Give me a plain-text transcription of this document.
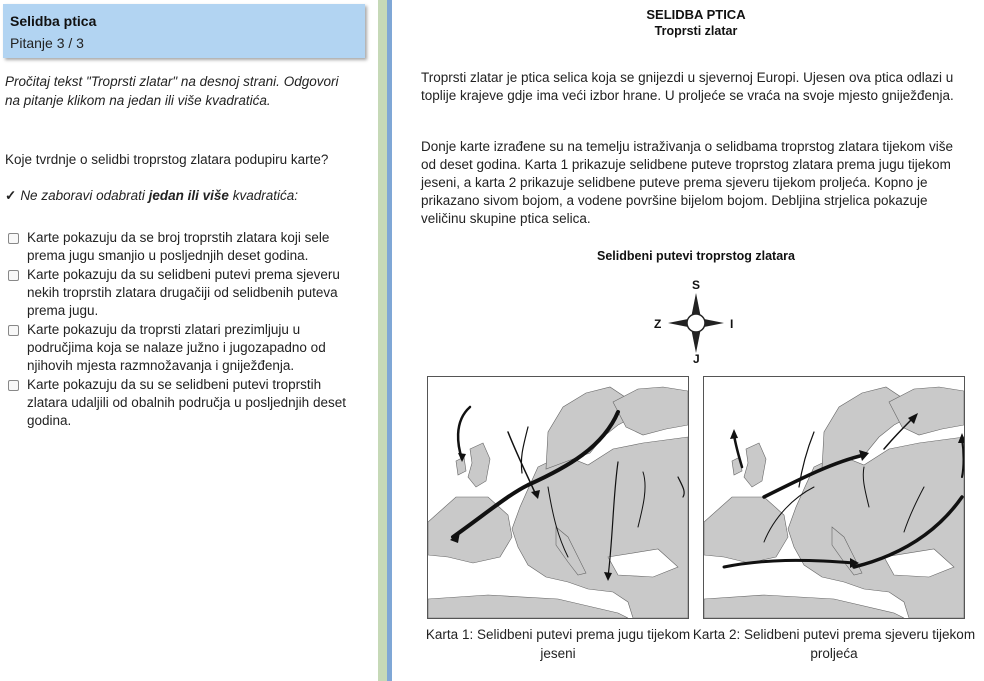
Selidba ptica
Pitanje 3 / 3
Pročitaj tekst "Troprsti zlatar" na desnoj strani. Odgovori na pitanje klikom na jedan ili više kvadratića.
Koje tvrdnje o selidbi troprstog zlatara podupiru karte?
✓ Ne zaboravi odabrati jedan ili više kvadratića:
Karte pokazuju da se broj troprstih zlatara koji sele prema jugu smanjio u posljednjih deset godina.
Karte pokazuju da su selidbeni putevi prema sjeveru nekih troprstih zlatara drugačiji od selidbenih puteva prema jugu.
Karte pokazuju da troprsti zlatari prezimljuju u područjima koja se nalaze južno i jugozapadno od njihovih mjesta razmnožavanja i gniježđenja.
Karte pokazuju da su se selidbeni putevi troprstih zlatara udaljili od obalnih područja u posljednjih deset godina.
SELIDBA PTICA
Troprsti zlatar
Troprsti zlatar je ptica selica koja se gnijezdi u sjevernoj Europi. Ujesen ova ptica odlazi u toplije krajeve gdje ima veći izbor hrane. U proljeće se vraća na svoje mjesto gniježđenja.
Donje karte izrađene su na temelju istraživanja o selidbama troprstog zlatara tijekom više od deset godina. Karta 1 prikazuje selidbene puteve troprstog zlatara prema jugu tijekom jeseni, a karta 2 prikazuje selidbene puteve prema sjeveru tijekom proljeća. Kopno je prikazano sivom bojom, a vodene površine bijelom bojom. Debljina strjelica pokazuje veličinu skupine ptica selica.
Selidbeni putevi troprstog zlatara
S
Z	I
J
Karta 1: Selidbeni putevi prema jugu tijekom jeseni
Karta 2: Selidbeni putevi prema sjeveru tijekom proljeća
